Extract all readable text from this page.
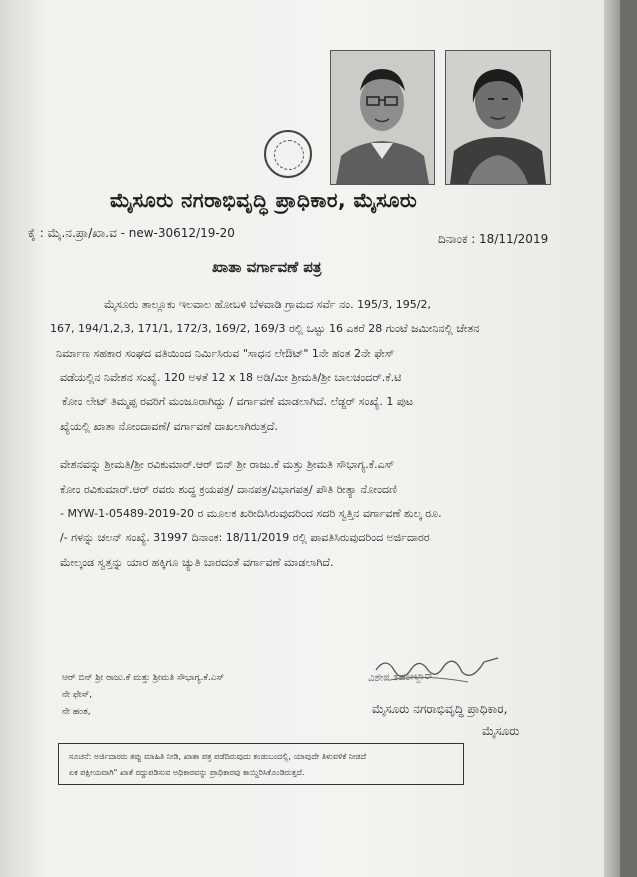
ಮೈಸೂರು ನಗರಾಭಿವೃದ್ಧಿ ಪ್ರಾಧಿಕಾರ, ಮೈಸೂರು
ಕೈ : ಮೈ.ನ.ಪ್ರಾ/ಖಾ.ವ - new-30612/19-20	ದಿನಾಂಕ : 18/11/2019
ಖಾತಾ ವರ್ಗಾವಣೆ ಪತ್ರ
ಮೈಸೂರು ತಾಲ್ಲೂಕು ಇಲವಾಲ ಹೋಬಳಿ ಬೆಳವಾಡಿ ಗ್ರಾಮದ ಸರ್ವೆ ನಂ. 195/3, 195/2,
167, 194/1,2,3, 171/1, 172/3, 169/2, 169/3 ರಲ್ಲಿ ಒಟ್ಟು 16 ಎಕರೆ 28 ಗುಂಟೆ ಜಮೀನಿನಲ್ಲಿ ಚೇತನ
ನಿರ್ಮಾಣ ಸಹಕಾರ ಸಂಘದ ವತಿಯಿಂದ ನಿರ್ಮಿಸಿರುವ "ಸಾಧನ ಲೇಔಟ್" 1ನೇ ಹಂತ 2ನೇ ಫೇಸ್
ವಡೆಯಲ್ಲಿನ ನಿವೇಶನ ಸಂಖ್ಯೆ. 120 ಅಳತೆ 12 x 18 ಅಡಿ/ಮೀ ಶ್ರೀಮತಿ/ಶ್ರೀ ಬಾಲಚಂದರ್.ಕೆ.ಟಿ
ಕೋಂ ಲೇಟ್ ತಿಮ್ಮಪ್ಪ ರವರಿಗೆ ಮಂಜೂರಾಗಿದ್ದು / ವರ್ಗಾವಣೆ ಮಾಡಲಾಗಿದೆ. ಲೆಡ್ಜರ್ ಸಂಖ್ಯೆ. 1 ಪುಟ
ಖ್ಯೆಯಲ್ಲಿ ಖಾತಾ ನೋಂದಾವಣೆ/ ವರ್ಗಾವಣೆ ದಾಖಲಾಗಿರುತ್ತದೆ.
ವೇಶನವನ್ನು ಶ್ರೀಮತಿ/ಶ್ರೀ ರವಿಕುಮಾರ್.ಆರ್ ಬಿನ್ ಶ್ರೀ ರಾಜು.ಕೆ ಮತ್ತು ಶ್ರೀಮತಿ ಸೌಭಾಗ್ಯ.ಕೆ.ಎಸ್
ಕೋಂ ರವಿಕುಮಾರ್.ಆರ್ ರವರು ಶುದ್ಧ ಕ್ರಯಪತ್ರ/ ದಾನಪತ್ರ/ವಿಭಾಗಪತ್ರ/ ಪೌತಿ ರೀತ್ಯಾ ನೋಂದಣಿ
- MYW-1-05489-2019-20 ರ ಮೂಲಕ ಖರೀದಿಸಿರುವುದರಿಂದ ಸದರಿ ಸ್ವತ್ತಿನ ವರ್ಗಾವಣೆ ಶುಲ್ಕ ರೂ.
/- ಗಳನ್ನು ಚಲನ್ ಸಂಖ್ಯೆ. 31997 ದಿನಾಂಕ: 18/11/2019 ರಲ್ಲಿ ಪಾವತಿಸಿರುವುದರಿಂದ ಅರ್ಜಿದಾರರ
ಮೇಲ್ಕಂಡ ಸ್ವತ್ತನ್ನು ಯಾರ ಹಕ್ಕಿಗೂ ಚ್ಯುತಿ ಬಾರದಂತೆ ವರ್ಗಾವಣೆ ಮಾಡಲಾಗಿದೆ.
ಆರ್ ಬಿನ್ ಶ್ರೀ ರಾಜು.ಕೆ ಮತ್ತು ಶ್ರೀಮತಿ ಸೌಭಾಗ್ಯ.ಕೆ.ಎಸ್
ನೇ ಫೇಸ್,
ನೇ ಹಂತ,
ವಿಶೇಷ ತಹಶೀಲ್ದಾರ್
ಮೈಸೂರು ನಗರಾಭಿವೃದ್ಧಿ ಪ್ರಾಧಿಕಾರ,
ಮೈಸೂರು
ಸೂಚನೆ: ಅರ್ಜಿದಾರರು ತಪ್ಪು ಮಾಹಿತಿ ನೀಡಿ, ಖಾತಾ ಪತ್ರ ಪಡೆದಿರುವುದು ಕಂಡುಬಂದಲ್ಲಿ, ಯಾವುದೇ ತಿಳುವಳಿಕೆ ನೀಡದೆ
ಏಕ ಪಕ್ಷೀಯವಾಗಿ" ಖಾತೆ ರದ್ದುಪಡಿಸುವ ಅಧಿಕಾರವನ್ನು ಪ್ರಾಧಿಕಾರವು ಕಾಯ್ದಿರಿಸಿಕೊಂಡಿರುತ್ತದೆ.
